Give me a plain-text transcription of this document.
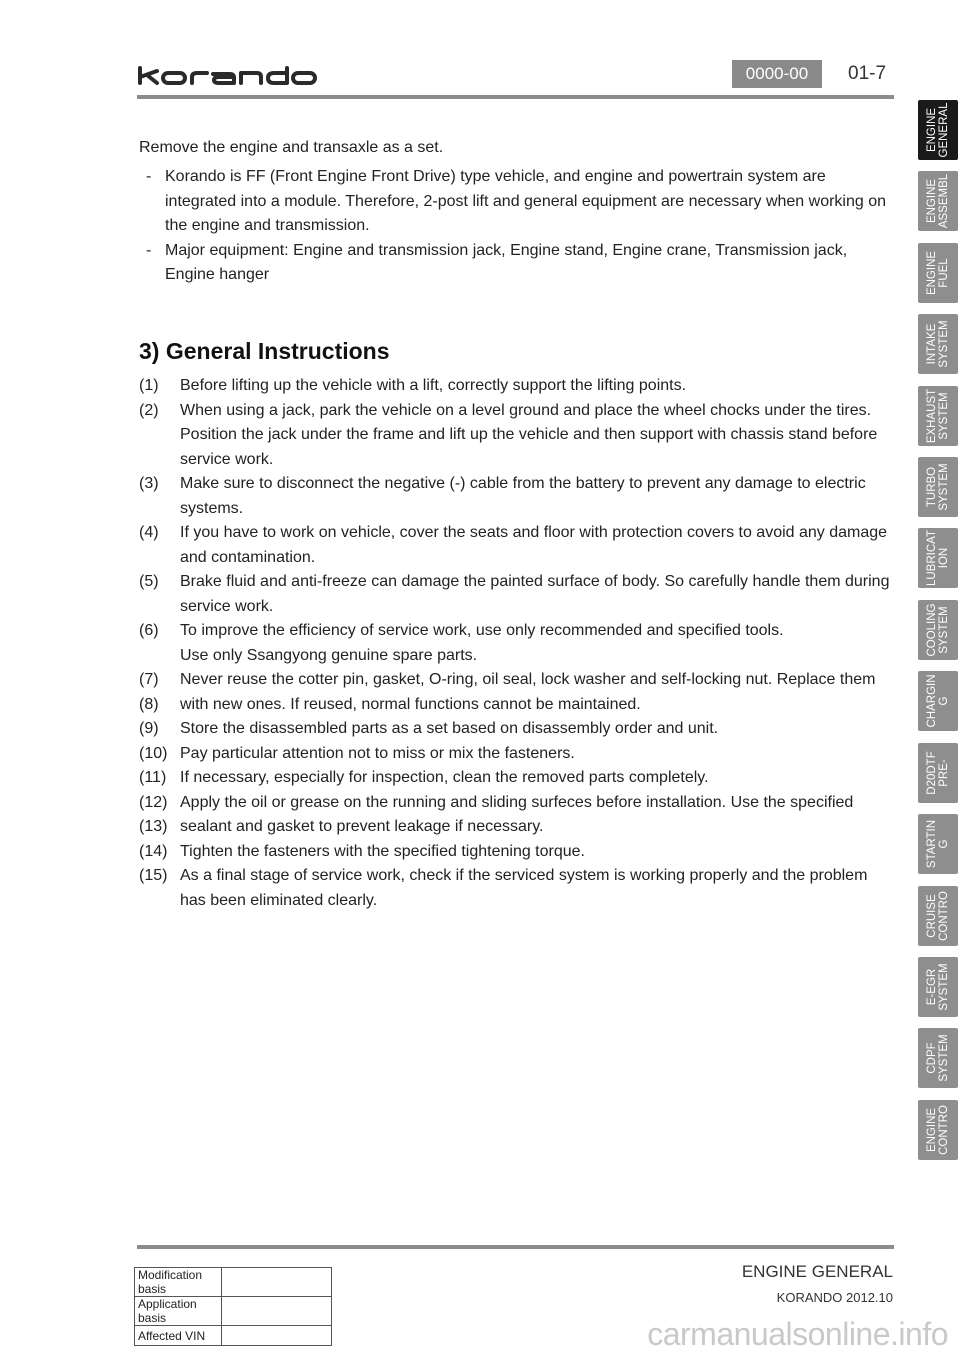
0000-00	01-7
Remove the engine and transaxle as a set.
- Korando is FF (Front Engine Front Drive) type vehicle, and engine and powertrain system are integrated into a module. Therefore, 2-post lift and general equipment are necessary when working on the engine and transmission.
- Major equipment: Engine and transmission jack, Engine stand, Engine crane, Transmission jack, Engine hanger
3) General Instructions
(1)	Before lifting up the vehicle with a lift, correctly support the lifting points.
(2)	When using a jack, park the vehicle on a level ground and place the wheel chocks under the tires. Position the jack under the frame and lift up the vehicle and then support with chassis stand before service work.
(3)	Make sure to disconnect the negative (-) cable from the battery to prevent any damage to electric systems.
(4)	If you have to work on vehicle, cover the seats and floor with protection covers to avoid any damage and contamination.
(5)	Brake fluid and anti-freeze can damage the painted surface of body. So carefully handle them during service work.
(6)	To improve the efficiency of service work, use only recommended and specified tools.
Use only Ssangyong genuine spare parts.
(7)	Never reuse the cotter pin, gasket, O-ring, oil seal, lock washer and self-locking nut. Replace them
(8)	with new ones. If reused, normal functions cannot be maintained.
(9)	Store the disassembled parts as a set based on disassembly order and unit.
(10) Pay particular attention not to miss or mix the fasteners.
(11) If necessary, especially for inspection, clean the removed parts completely.
(12) Apply the oil or grease on the running and sliding surfeces before installation. Use the specified
(13) sealant and gasket to prevent leakage if necessary.
(14) Tighten the fasteners with the specified tightening torque.
(15) As a final stage of service work, check if the serviced system is working properly and the problem has been eliminated clearly.
ENGINE
GENERAL
ENGINE
ASSEMBL
ENGINE
FUEL
INTAKE
SYSTEM
EXHAUST
SYSTEM
TURBO
SYSTEM
LUBRICAT
ION
COOLING
SYSTEM
CHARGIN
G
D20DTF
PRE-
STARTIN
G
CRUISE
CONTRO
E-EGR
SYSTEM
CDPF
SYSTEM
ENGINE
CONTRO
Modification basis	
Application basis	
Affected VIN	
ENGINE GENERAL
KORANDO 2012.10
carmanualsonline.info
